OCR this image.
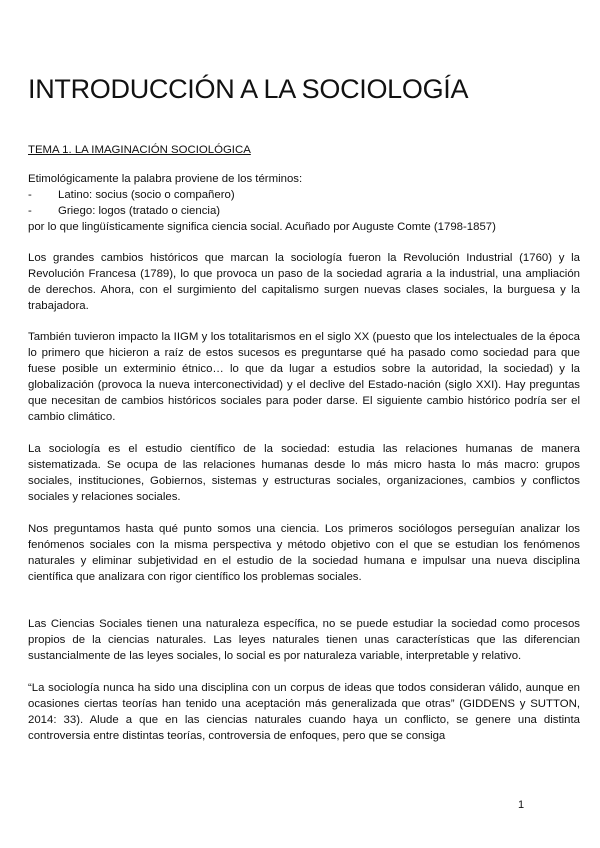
INTRODUCCIÓN A LA SOCIOLOGÍA
TEMA 1. LA IMAGINACIÓN SOCIOLÓGICA
Etimológicamente la palabra proviene de los términos:
-	Latino: socius (socio o compañero)
-	Griego: logos (tratado o ciencia)
por lo que lingüísticamente significa ciencia social. Acuñado por Auguste Comte (1798-1857)

Los grandes cambios históricos que marcan la sociología fueron la Revolución Industrial (1760) y la Revolución Francesa (1789), lo que provoca un paso de la sociedad agraria a la industrial, una ampliación de derechos. Ahora, con el surgimiento del capitalismo surgen nuevas clases sociales, la burguesa y la trabajadora.

También tuvieron impacto la IIGM y los totalitarismos en el siglo XX (puesto que los intelectuales de la época lo primero que hicieron a raíz de estos sucesos es preguntarse qué ha pasado como sociedad para que fuese posible un exterminio étnico… lo que da lugar a estudios sobre la autoridad, la sociedad) y la globalización (provoca la nueva interconectividad) y el declive del Estado-nación (siglo XXI). Hay preguntas que necesitan de cambios históricos sociales para poder darse. El siguiente cambio histórico podría ser el cambio climático.

La sociología es el estudio científico de la sociedad: estudia las relaciones humanas de manera sistematizada. Se ocupa de las relaciones humanas desde lo más micro hasta lo más macro: grupos sociales, instituciones, Gobiernos, sistemas y estructuras sociales, organizaciones, cambios y conflictos sociales y relaciones sociales.

Nos preguntamos hasta qué punto somos una ciencia. Los primeros sociólogos perseguían analizar los fenómenos sociales con la misma perspectiva y método objetivo con el que se estudian los fenómenos naturales y eliminar subjetividad en el estudio de la sociedad humana e impulsar una nueva disciplina científica que analizara con rigor científico los problemas sociales.

Las Ciencias Sociales tienen una naturaleza específica, no se puede estudiar la sociedad como procesos propios de la ciencias naturales. Las leyes naturales tienen unas características que las diferencian sustancialmente de las leyes sociales, lo social es por naturaleza variable, interpretable y relativo.

“La sociología nunca ha sido una disciplina con un corpus de ideas que todos consideran válido, aunque en ocasiones ciertas teorías han tenido una aceptación más generalizada que otras” (GIDDENS y SUTTON, 2014: 33). Alude a que en las ciencias naturales cuando haya un conflicto, se genere una distinta controversia entre distintas teorías, controversia de enfoques, pero que se consiga

1
